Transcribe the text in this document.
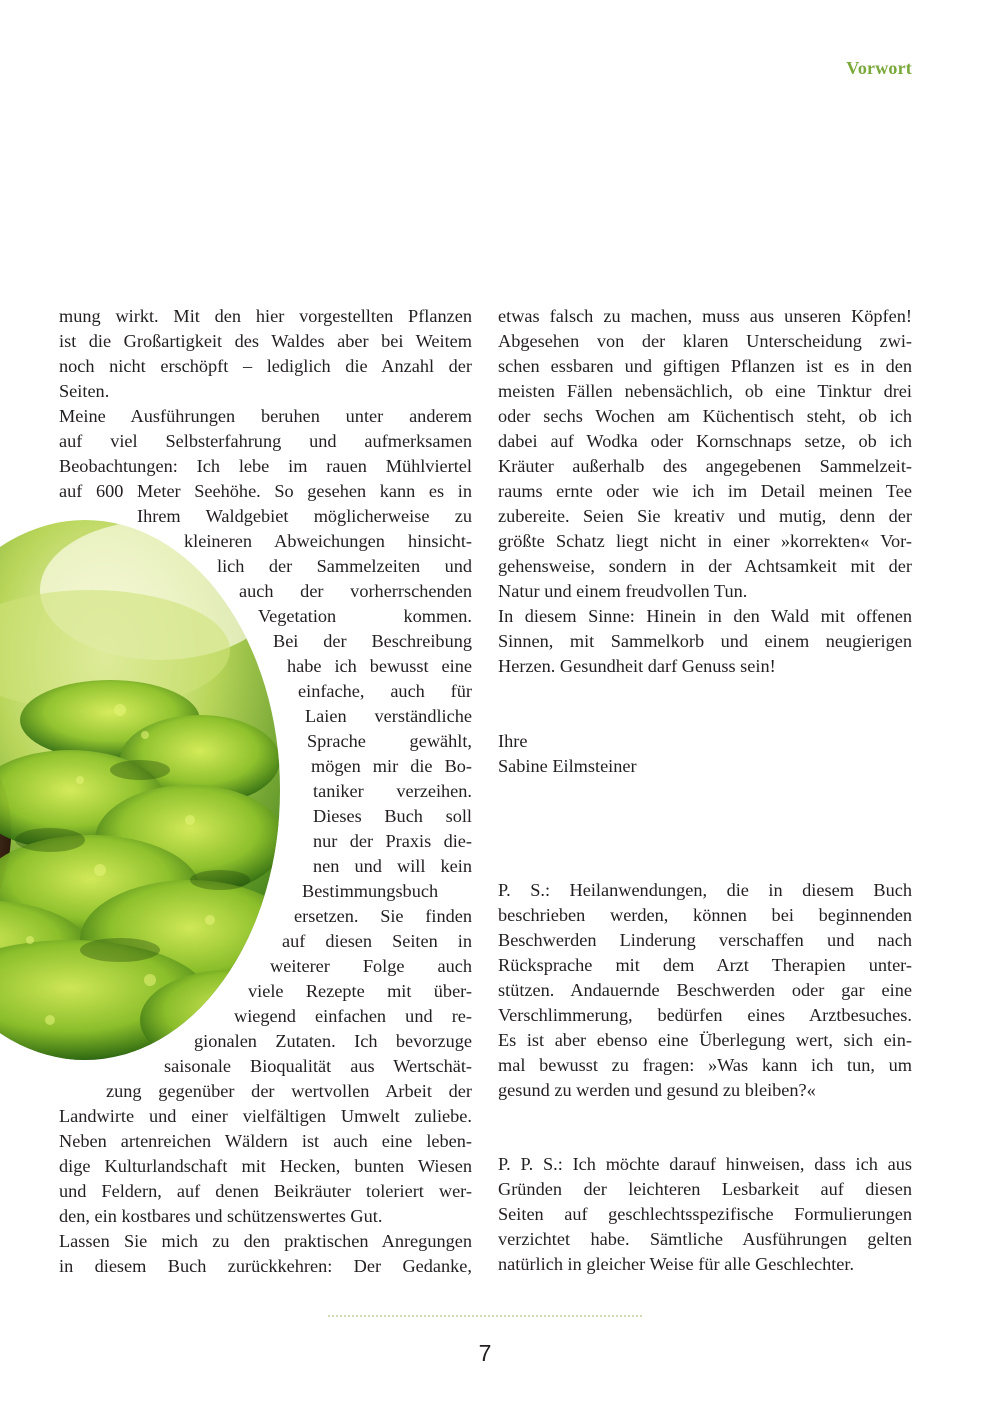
Vorwort

mung wirkt. Mit den hier vorgestellten Pflanzen

ist die Großartigkeit des Waldes aber bei Weitem

noch nicht erschöpft – lediglich die Anzahl der

Seiten.

Meine Ausführungen beruhen unter anderem

auf viel Selbsterfahrung und aufmerksamen

Beobachtungen: Ich lebe im rauen Mühlviertel

auf 600 Meter Seehöhe. So gesehen kann es in

Ihrem Waldgebiet möglicherweise zu

kleineren Abweichungen hinsicht-

lich der Sammelzeiten und

auch der vorherrschenden

Vegetation kommen.

Bei der Beschreibung

habe ich bewusst eine

einfache, auch für

Laien verständliche

Sprache gewählt,

mögen mir die Bo-

taniker verzeihen.

Dieses Buch soll

nur der Praxis die-

nen und will kein

Bestimmungsbuch

ersetzen. Sie finden

auf diesen Seiten in

weiterer Folge auch

viele Rezepte mit über-

wiegend einfachen und re-

gionalen Zutaten. Ich bevorzuge

saisonale Bioqualität aus Wertschät-

zung gegenüber der wertvollen Arbeit der

Landwirte und einer vielfältigen Umwelt zuliebe.

Neben artenreichen Wäldern ist auch eine leben-

dige Kulturlandschaft mit Hecken, bunten Wiesen

und Feldern, auf denen Beikräuter toleriert wer-

den, ein kostbares und schützenswertes Gut.

Lassen Sie mich zu den praktischen Anregungen

in diesem Buch zurückkehren: Der Gedanke,

etwas falsch zu machen, muss aus unseren Köpfen!

Abgesehen von der klaren Unterscheidung zwi-

schen essbaren und giftigen Pflanzen ist es in den

meisten Fällen nebensächlich, ob eine Tinktur drei

oder sechs Wochen am Küchentisch steht, ob ich

dabei auf Wodka oder Kornschnaps setze, ob ich

Kräuter außerhalb des angegebenen Sammelzeit-

raums ernte oder wie ich im Detail meinen Tee

zubereite. Seien Sie kreativ und mutig, denn der

größte Schatz liegt nicht in einer »korrekten« Vor-

gehensweise, sondern in der Achtsamkeit mit der

Natur und einem freudvollen Tun.

In diesem Sinne: Hinein in den Wald mit offenen

Sinnen, mit Sammelkorb und einem neugierigen

Herzen. Gesundheit darf Genuss sein!

Ihre

Sabine Eilmsteiner

P. S.: Heilanwendungen, die in diesem Buch

beschrieben werden, können bei beginnenden

Beschwerden Linderung verschaffen und nach

Rücksprache mit dem Arzt Therapien unter-

stützen. Andauernde Beschwerden oder gar eine

Verschlimmerung, bedürfen eines Arztbesuches.

Es ist aber ebenso eine Überlegung wert, sich ein-

mal bewusst zu fragen: »Was kann ich tun, um

gesund zu werden und gesund zu bleiben?«

P. P. S.: Ich möchte darauf hinweisen, dass ich aus

Gründen der leichteren Lesbarkeit auf diesen

Seiten auf geschlechtsspezifische Formulierungen

verzichtet habe. Sämtliche Ausführungen gelten

natürlich in gleicher Weise für alle Geschlechter.

7
